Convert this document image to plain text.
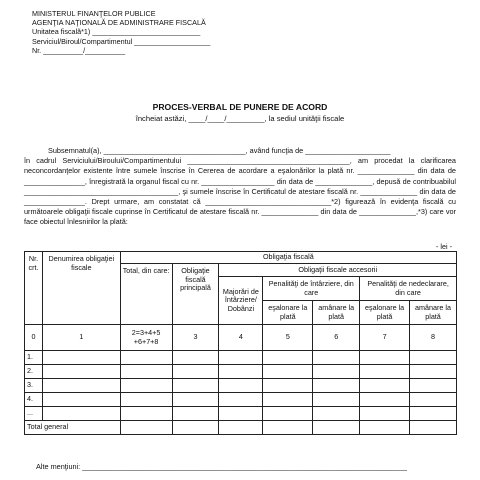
MINISTERUL FINANŢELOR PUBLICE
AGENŢIA NAŢIONALĂ DE ADMINISTRARE FISCALĂ
Unitatea fiscală*1) ___________________________
Serviciul/Biroul/Compartimentul ___________________
Nr. __________/__________
PROCES-VERBAL DE PUNERE DE ACORD
încheiat astăzi, ____/____/_________, la sediul unităţii fiscale

Subsemnatul(a), ___________________________________, având funcţia de _____________________

în cadrul Serviciului/Biroului/Compartimentului ________________________________________, am procedat la clarificarea neconcordanţelor existente între sumele înscrise în Cererea de acordare a eşalonărilor la plată nr. ______________ din data de _______________, înregistrată la organul fiscal cu nr. __________________ din data de ______________, depusă de contribuabilul ______________________________________, şi sumele înscrise în Certificatul de atestare fiscală nr. ______________ din data de _______________. Drept urmare, am constatat că _______________________________*2) figurează în evidenţa fiscală cu următoarele obligaţii fiscale cuprinse în Certificatul de atestare fiscală nr. ______________ din data de ______________,*3) care vor face obiectul înlesnirilor la plată:

- lei -
Nr. crt.	Denumirea obligaţiei fiscale	Obligaţia fiscală						
		Total, din care:	Obligaţie fiscală principală	Obligaţii fiscale accesorii				
				Majorări de întârziere/ Dobânzi	Penalităţi de întârziere, din care		Penalităţi de nedeclarare, din care	
					eşalonare la plată	amânare la plată	eşalonare la plată	amânare la plată
0	1	2=3+4+5 +6+7+8	3	4	5	6	7	8
1.								
2.								
3.								
4.								
...								
Total general								
Alte menţiuni: ________________________________________________________________________________
